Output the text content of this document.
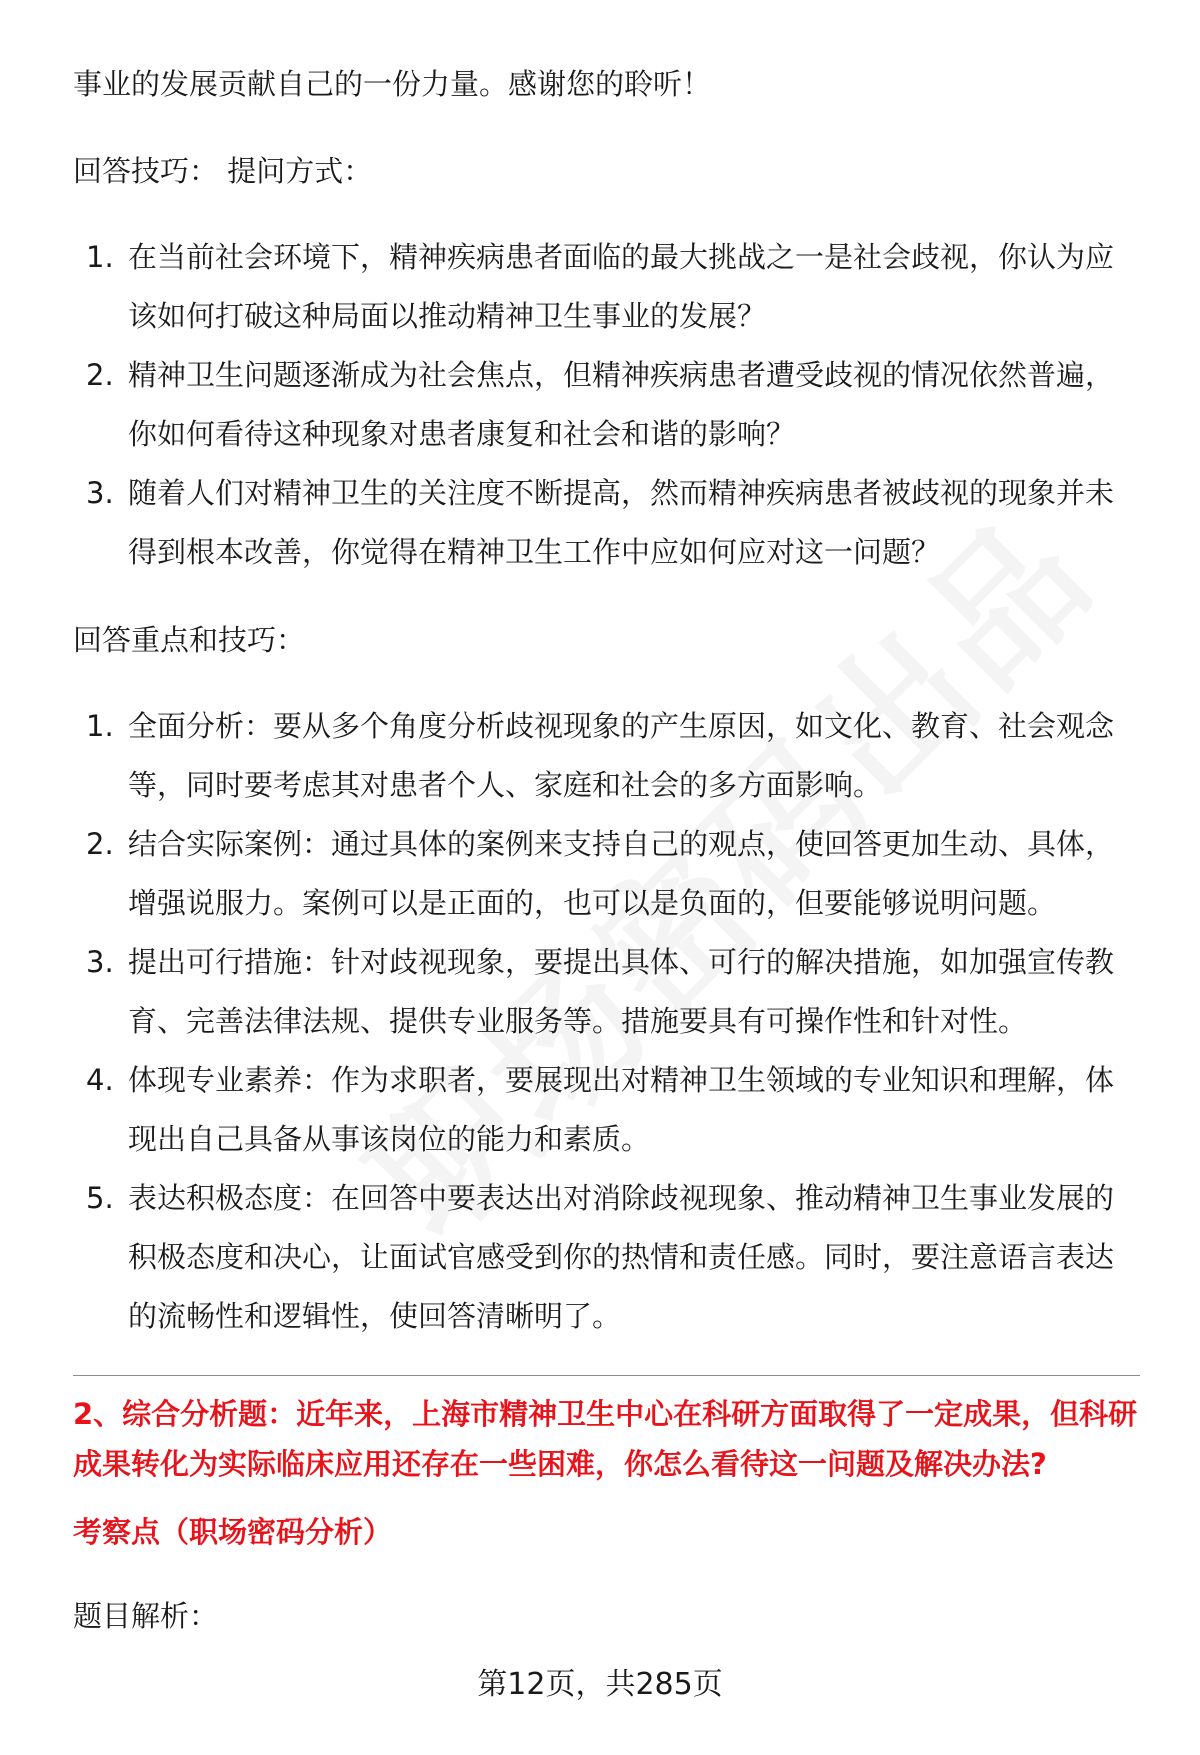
事业的发展贡献自己的一份力量。感谢您的聆听！

回答技巧： 提问方式：

1. 在当前社会环境下，精神疾病患者面临的最大挑战之一是社会歧视，你认为应该如何打破这种局面以推动精神卫生事业的发展？
2. 精神卫生问题逐渐成为社会焦点，但精神疾病患者遭受歧视的情况依然普遍，你如何看待这种现象对患者康复和社会和谐的影响？
3. 随着人们对精神卫生的关注度不断提高，然而精神疾病患者被歧视的现象并未得到根本改善，你觉得在精神卫生工作中应如何应对这一问题？

回答重点和技巧：

1. 全面分析：要从多个角度分析歧视现象的产生原因，如文化、教育、社会观念等，同时要考虑其对患者个人、家庭和社会的多方面影响。
2. 结合实际案例：通过具体的案例来支持自己的观点，使回答更加生动、具体，增强说服力。案例可以是正面的，也可以是负面的，但要能够说明问题。
3. 提出可行措施：针对歧视现象，要提出具体、可行的解决措施，如加强宣传教育、完善法律法规、提供专业服务等。措施要具有可操作性和针对性。
4. 体现专业素养：作为求职者，要展现出对精神卫生领域的专业知识和理解，体现出自己具备从事该岗位的能力和素质。
5. 表达积极态度：在回答中要表达出对消除歧视现象、推动精神卫生事业发展的积极态度和决心，让面试官感受到你的热情和责任感。同时，要注意语言表达的流畅性和逻辑性，使回答清晰明了。

2、综合分析题：近年来，上海市精神卫生中心在科研方面取得了一定成果，但科研成果转化为实际临床应用还存在一些困难，你怎么看待这一问题及解决办法?

考察点（职场密码分析）

题目解析：

第12页，共285页
